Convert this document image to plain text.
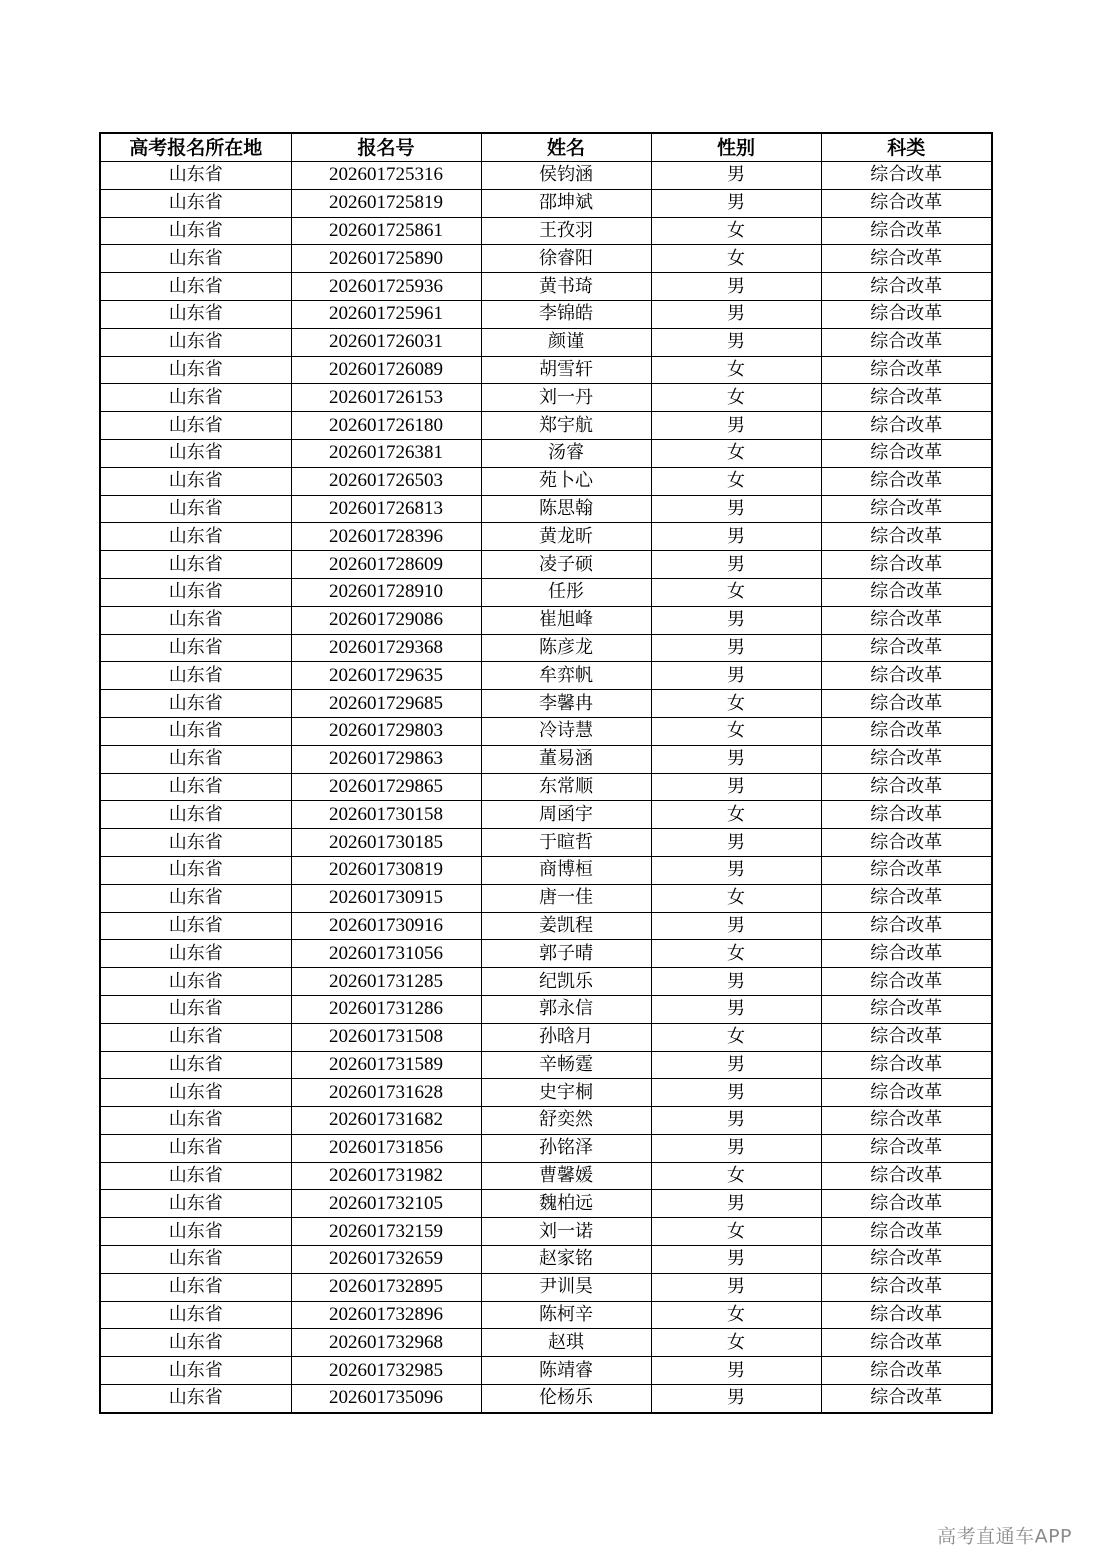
高考报名所在地	报名号	姓名	性别	科类
山东省	202601725316	侯钧涵	男	综合改革
山东省	202601725819	邵坤斌	男	综合改革
山东省	202601725861	王孜羽	女	综合改革
山东省	202601725890	徐睿阳	女	综合改革
山东省	202601725936	黄书琦	男	综合改革
山东省	202601725961	李锦皓	男	综合改革
山东省	202601726031	颜谨	男	综合改革
山东省	202601726089	胡雪轩	女	综合改革
山东省	202601726153	刘一丹	女	综合改革
山东省	202601726180	郑宇航	男	综合改革
山东省	202601726381	汤睿	女	综合改革
山东省	202601726503	苑卜心	女	综合改革
山东省	202601726813	陈思翰	男	综合改革
山东省	202601728396	黄龙昕	男	综合改革
山东省	202601728609	凌子硕	男	综合改革
山东省	202601728910	任彤	女	综合改革
山东省	202601729086	崔旭峰	男	综合改革
山东省	202601729368	陈彦龙	男	综合改革
山东省	202601729635	牟弈帆	男	综合改革
山东省	202601729685	李馨冉	女	综合改革
山东省	202601729803	冷诗慧	女	综合改革
山东省	202601729863	董易涵	男	综合改革
山东省	202601729865	东常顺	男	综合改革
山东省	202601730158	周函宇	女	综合改革
山东省	202601730185	于暄哲	男	综合改革
山东省	202601730819	商博桓	男	综合改革
山东省	202601730915	唐一佳	女	综合改革
山东省	202601730916	姜凯程	男	综合改革
山东省	202601731056	郭子晴	女	综合改革
山东省	202601731285	纪凯乐	男	综合改革
山东省	202601731286	郭永信	男	综合改革
山东省	202601731508	孙晗月	女	综合改革
山东省	202601731589	辛畅霆	男	综合改革
山东省	202601731628	史宇桐	男	综合改革
山东省	202601731682	舒奕然	男	综合改革
山东省	202601731856	孙铭泽	男	综合改革
山东省	202601731982	曹馨媛	女	综合改革
山东省	202601732105	魏柏远	男	综合改革
山东省	202601732159	刘一诺	女	综合改革
山东省	202601732659	赵家铭	男	综合改革
山东省	202601732895	尹训昊	男	综合改革
山东省	202601732896	陈柯辛	女	综合改革
山东省	202601732968	赵琪	女	综合改革
山东省	202601732985	陈靖睿	男	综合改革
山东省	202601735096	伦杨乐	男	综合改革
高考直通车APP
